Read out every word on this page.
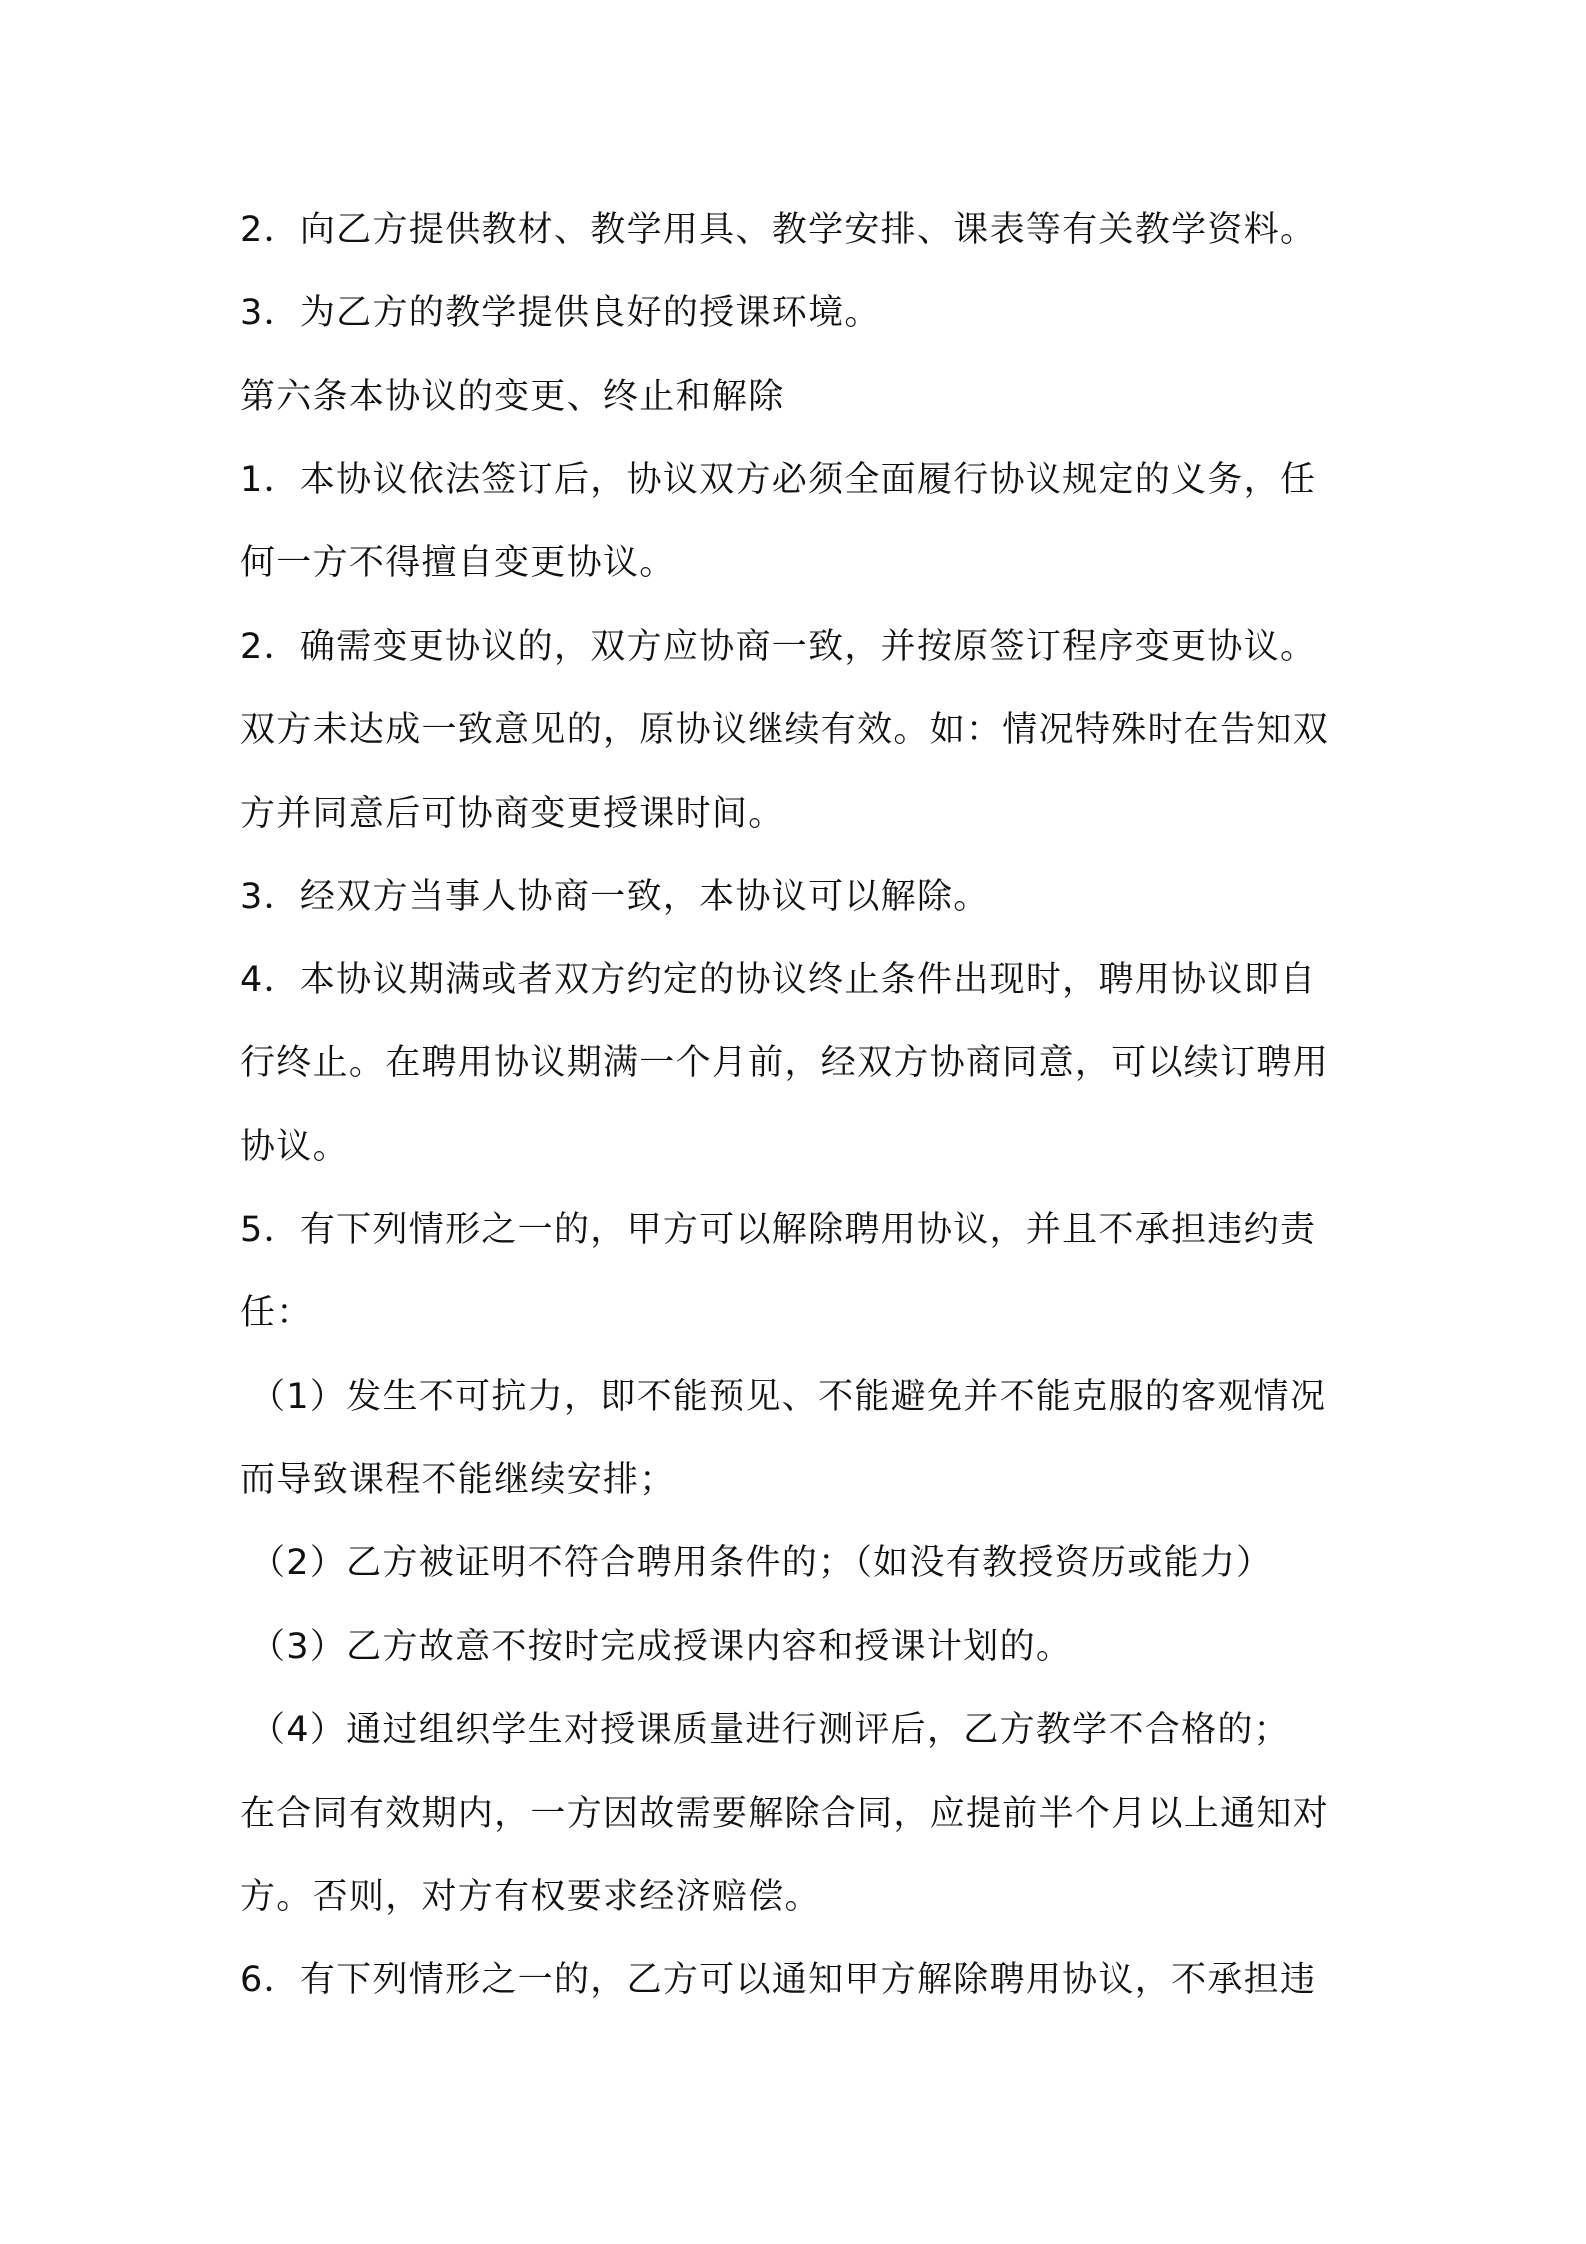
2．向乙方提供教材、教学用具、教学安排、课表等有关教学资料。

3．为乙方的教学提供良好的授课环境。

第六条本协议的变更、终止和解除

1．本协议依法签订后，协议双方必须全面履行协议规定的义务，任

何一方不得擅自变更协议。

2．确需变更协议的，双方应协商一致，并按原签订程序变更协议。

双方未达成一致意见的，原协议继续有效。如：情况特殊时在告知双

方并同意后可协商变更授课时间。

3．经双方当事人协商一致，本协议可以解除。

4．本协议期满或者双方约定的协议终止条件出现时，聘用协议即自

行终止。在聘用协议期满一个月前，经双方协商同意，可以续订聘用

协议。

5．有下列情形之一的，甲方可以解除聘用协议，并且不承担违约责

任：

（1）发生不可抗力，即不能预见、不能避免并不能克服的客观情况

而导致课程不能继续安排；

（2）乙方被证明不符合聘用条件的；（如没有教授资历或能力）

（3）乙方故意不按时完成授课内容和授课计划的。

（4）通过组织学生对授课质量进行测评后，乙方教学不合格的；

在合同有效期内，一方因故需要解除合同，应提前半个月以上通知对

方。否则，对方有权要求经济赔偿。

6．有下列情形之一的，乙方可以通知甲方解除聘用协议，不承担违
